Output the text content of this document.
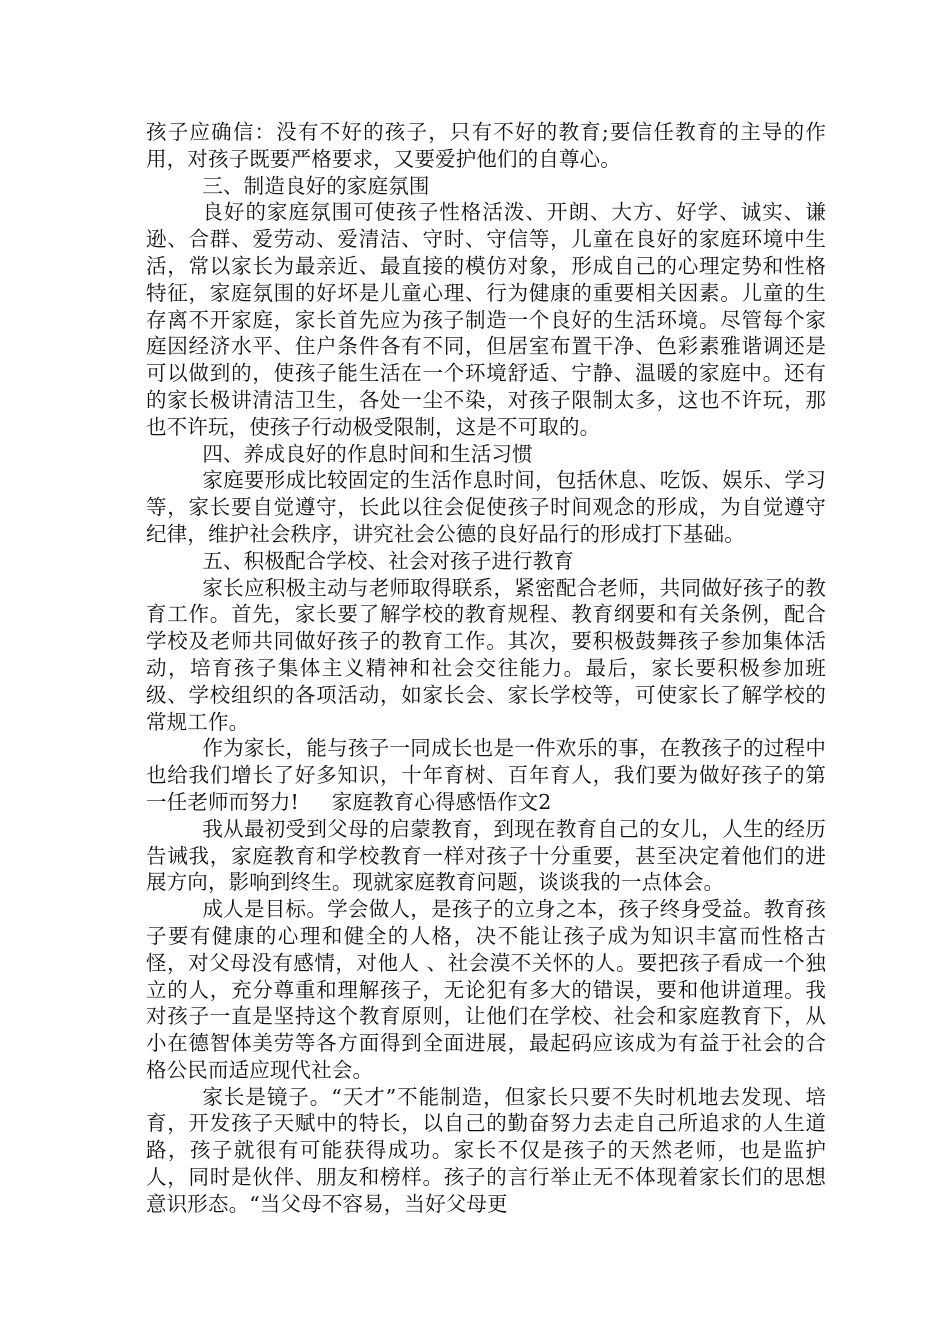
孩子应确信：没有不好的孩子，只有不好的教育;要信任教育的主导的作用，对孩子既要严格要求，又要爱护他们的自尊心。

三、制造良好的家庭氛围

良好的家庭氛围可使孩子性格活泼、开朗、大方、好学、诚实、谦逊、合群、爱劳动、爱清洁、守时、守信等，儿童在良好的家庭环境中生活，常以家长为最亲近、最直接的模仿对象，形成自己的心理定势和性格特征，家庭氛围的好坏是儿童心理、行为健康的重要相关因素。儿童的生存离不开家庭，家长首先应为孩子制造一个良好的生活环境。尽管每个家庭因经济水平、住户条件各有不同，但居室布置干净、色彩素雅谐调还是可以做到的，使孩子能生活在一个环境舒适、宁静、温暖的家庭中。还有的家长极讲清洁卫生，各处一尘不染，对孩子限制太多，这也不许玩，那也不许玩，使孩子行动极受限制，这是不可取的。

四、养成良好的作息时间和生活习惯

家庭要形成比较固定的生活作息时间，包括休息、吃饭、娱乐、学习等，家长要自觉遵守，长此以往会促使孩子时间观念的形成，为自觉遵守纪律，维护社会秩序，讲究社会公德的良好品行的形成打下基础。

五、积极配合学校、社会对孩子进行教育

家长应积极主动与老师取得联系，紧密配合老师，共同做好孩子的教育工作。首先，家长要了解学校的教育规程、教育纲要和有关条例，配合学校及老师共同做好孩子的教育工作。其次，要积极鼓舞孩子参加集体活动，培育孩子集体主义精神和社会交往能力。最后，家长要积极参加班级、学校组织的各项活动，如家长会、家长学校等，可使家长了解学校的常规工作。

作为家长，能与孩子一同成长也是一件欢乐的事，在教孩子的过程中也给我们增长了好多知识，十年育树、百年育人，我们要为做好孩子的第一任老师而努力! 家庭教育心得感悟作文2

我从最初受到父母的启蒙教育，到现在教育自己的女儿，人生的经历告诫我，家庭教育和学校教育一样对孩子十分重要，甚至决定着他们的进展方向，影响到终生。现就家庭教育问题，谈谈我的一点体会。

成人是目标。学会做人，是孩子的立身之本，孩子终身受益。教育孩子要有健康的心理和健全的人格，决不能让孩子成为知识丰富而性格古怪，对父母没有感情，对他人 、社会漠不关怀的人。要把孩子看成一个独立的人，充分尊重和理解孩子，无论犯有多大的错误，要和他讲道理。我对孩子一直是坚持这个教育原则，让他们在学校、社会和家庭教育下，从小在德智体美劳等各方面得到全面进展，最起码应该成为有益于社会的合格公民而适应现代社会。

家长是镜子。“天才”不能制造，但家长只要不失时机地去发现、培育，开发孩子天赋中的特长，以自己的勤奋努力去走自己所追求的人生道路，孩子就很有可能获得成功。家长不仅是孩子的天然老师，也是监护人，同时是伙伴、朋友和榜样。孩子的言行举止无不体现着家长们的思想意识形态。“当父母不容易，当好父母更
